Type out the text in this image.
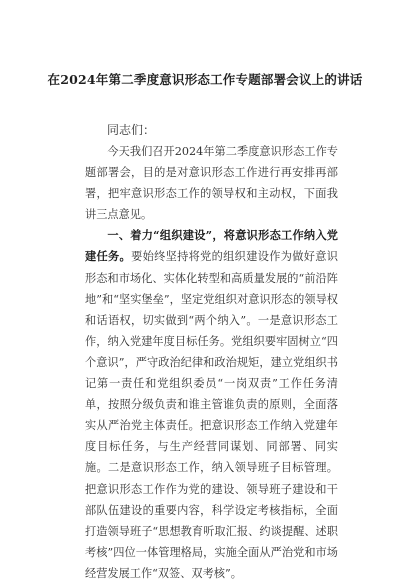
在2024年第二季度意识形态工作专题部署会议上的讲话
同志们：

今天我们召开2024年第二季度意识形态工作专题部署会，目的是对意识形态工作进行再安排再部署，把牢意识形态工作的领导权和主动权，下面我讲三点意见。

一、着力“组织建设”，将意识形态工作纳入党建任务。要始终坚持将党的组织建设作为做好意识形态和市场化、实体化转型和高质量发展的“前沿阵地”和“坚实堡垒”，坚定党组织对意识形态的领导权和话语权，切实做到“两个纳入”。一是意识形态工作，纳入党建年度目标任务。党组织要牢固树立“四个意识”，严守政治纪律和政治规矩，建立党组织书记第一责任和党组织委员“一岗双责”工作任务清单，按照分级负责和谁主管谁负责的原则，全面落实从严治党主体责任。把意识形态工作纳入党建年度目标任务，与生产经营同谋划、同部署、同实施。二是意识形态工作，纳入领导班子目标管理。把意识形态工作作为党的建设、领导班子建设和干部队伍建设的重要内容，科学设定考核指标，全面打造领导班子“思想教育听取汇报、约谈提醒、述职考核”四位一体管理格局，实施全面从严治党和市场经营发展工作“双签、双考核”。
